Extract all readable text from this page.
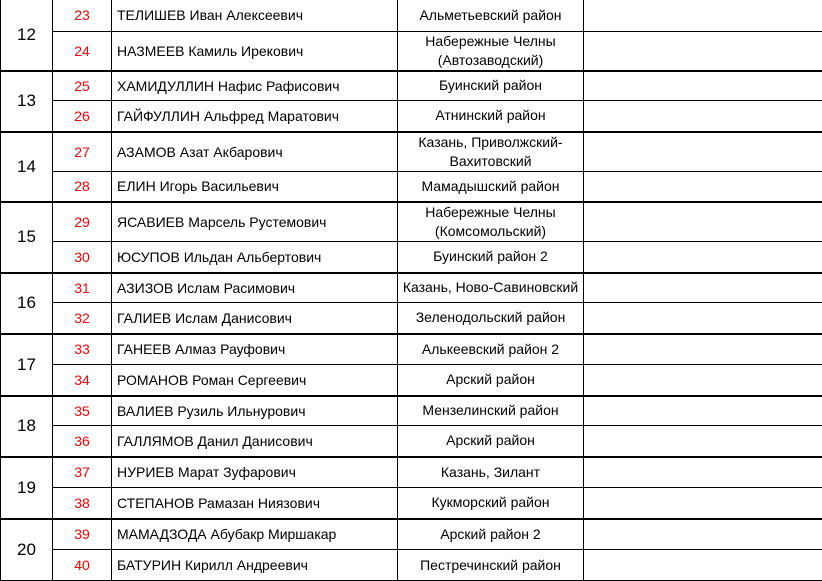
12	23	ТЕЛИШЕВ Иван Алексеевич	Альметьевский район	
	24	НАЗМЕЕВ Камиль Ирекович	Набережные Челны (Автозаводский)	
13	25	ХАМИДУЛЛИН Нафис Рафисович	Буинский район	
	26	ГАЙФУЛЛИН Альфред Маратович	Атнинский район	
14	27	АЗАМОВ Азат Акбарович	Казань, Приволжский-Вахитовский	
	28	ЕЛИН Игорь Васильевич	Мамадышский район	
15	29	ЯСАВИЕВ Марсель Рустемович	Набережные Челны (Комсомольский)	
	30	ЮСУПОВ Ильдан Альбертович	Буинский район 2	
16	31	АЗИЗОВ Ислам Расимович	Казань, Ново-Савиновский	
	32	ГАЛИЕВ Ислам Данисович	Зеленодольский район	
17	33	ГАНЕЕВ Алмаз Рауфович	Алькеевский район 2	
	34	РОМАНОВ Роман Сергеевич	Арский район	
18	35	ВАЛИЕВ Рузиль Ильнурович	Мензелинский район	
	36	ГАЛЛЯМОВ Данил Данисович	Арский район	
19	37	НУРИЕВ Марат Зуфарович	Казань, Зилант	
	38	СТЕПАНОВ Рамазан Ниязович	Кукморский район	
20	39	МАМАДЗОДА Абубакр Миршакар	Арский район 2	
	40	БАТУРИН Кирилл Андреевич	Пестречинский район	
